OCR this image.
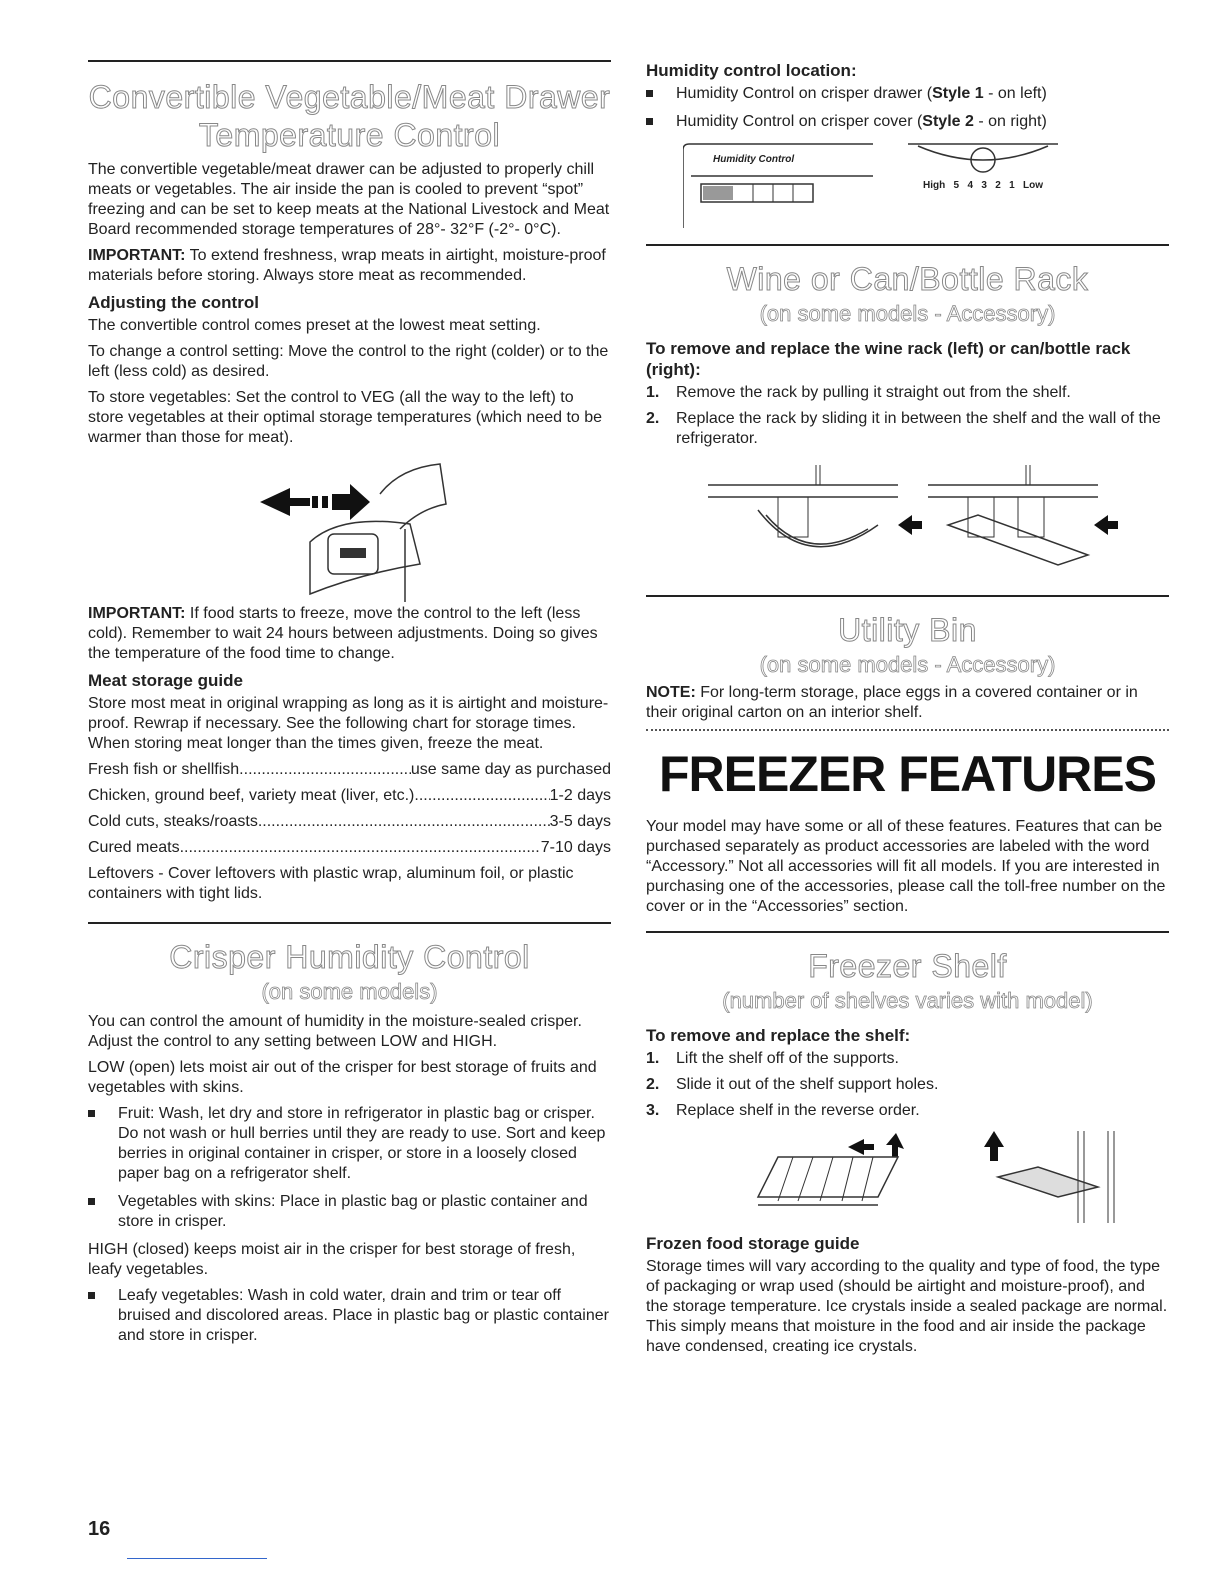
Convertible Vegetable/Meat Drawer
Temperature Control

The convertible vegetable/meat drawer can be adjusted to properly chill meats or vegetables. The air inside the pan is cooled to prevent “spot” freezing and can be set to keep meats at the National Livestock and Meat Board recommended storage temperatures of 28°- 32°F (-2°- 0°C).

IMPORTANT: To extend freshness, wrap meats in airtight, moisture-proof materials before storing. Always store meat as recommended.

Adjusting the control

The convertible control comes preset at the lowest meat setting.

To change a control setting: Move the control to the right (colder) or to the left (less cold) as desired.

To store vegetables: Set the control to VEG (all the way to the left) to store vegetables at their optimal storage temperatures (which need to be warmer than those for meat).

IMPORTANT: If food starts to freeze, move the control to the left (less cold). Remember to wait 24 hours between adjustments. Doing so gives the temperature of the food time to change.

Meat storage guide

Store most meat in original wrapping as long as it is airtight and moisture-proof. Rewrap if necessary. See the following chart for storage times. When storing meat longer than the times given, freeze the meat.

Fresh fish or shellfish .....	use same day as purchased
Chicken, ground beef, variety meat (liver, etc.) .....	1-2 days
Cold cuts, steaks/roasts .....	3-5 days
Cured meats .....	7-10 days

Leftovers - Cover leftovers with plastic wrap, aluminum foil, or plastic containers with tight lids.

Crisper Humidity Control
(on some models)

You can control the amount of humidity in the moisture-sealed crisper. Adjust the control to any setting between LOW and HIGH.

LOW (open) lets moist air out of the crisper for best storage of fruits and vegetables with skins.

Fruit: Wash, let dry and store in refrigerator in plastic bag or crisper. Do not wash or hull berries until they are ready to use. Sort and keep berries in original container in crisper, or store in a loosely closed paper bag on a refrigerator shelf.
Vegetables with skins: Place in plastic bag or plastic container and store in crisper.

HIGH (closed) keeps moist air in the crisper for best storage of fresh, leafy vegetables.

Leafy vegetables: Wash in cold water, drain and trim or tear off bruised and discolored areas. Place in plastic bag or plastic container and store in crisper.
Humidity control location:
Humidity Control on crisper drawer (Style 1 - on left)
Humidity Control on crisper cover (Style 2 - on right)
Humidity Control
High   5   4   3   2   1   Low
Wine or Can/Bottle Rack
(on some models - Accessory)
To remove and replace the wine rack (left) or can/bottle rack (right):
1. Remove the rack by pulling it straight out from the shelf.
2. Replace the rack by sliding it in between the shelf and the wall of the refrigerator.
Utility Bin
(on some models - Accessory)

NOTE: For long-term storage, place eggs in a covered container or in their original carton on an interior shelf.

FREEZER FEATURES

Your model may have some or all of these features. Features that can be purchased separately as product accessories are labeled with the word “Accessory.” Not all accessories will fit all models. If you are interested in purchasing one of the accessories, please call the toll-free number on the cover or in the “Accessories” section.

Freezer Shelf
(number of shelves varies with model)
To remove and replace the shelf:
1. Lift the shelf off of the supports.
2. Slide it out of the shelf support holes.
3. Replace shelf in the reverse order.
Frozen food storage guide

Storage times will vary according to the quality and type of food, the type of packaging or wrap used (should be airtight and moisture-proof), and the storage temperature. Ice crystals inside a sealed package are normal. This simply means that moisture in the food and air inside the package have condensed, creating ice crystals.

16
